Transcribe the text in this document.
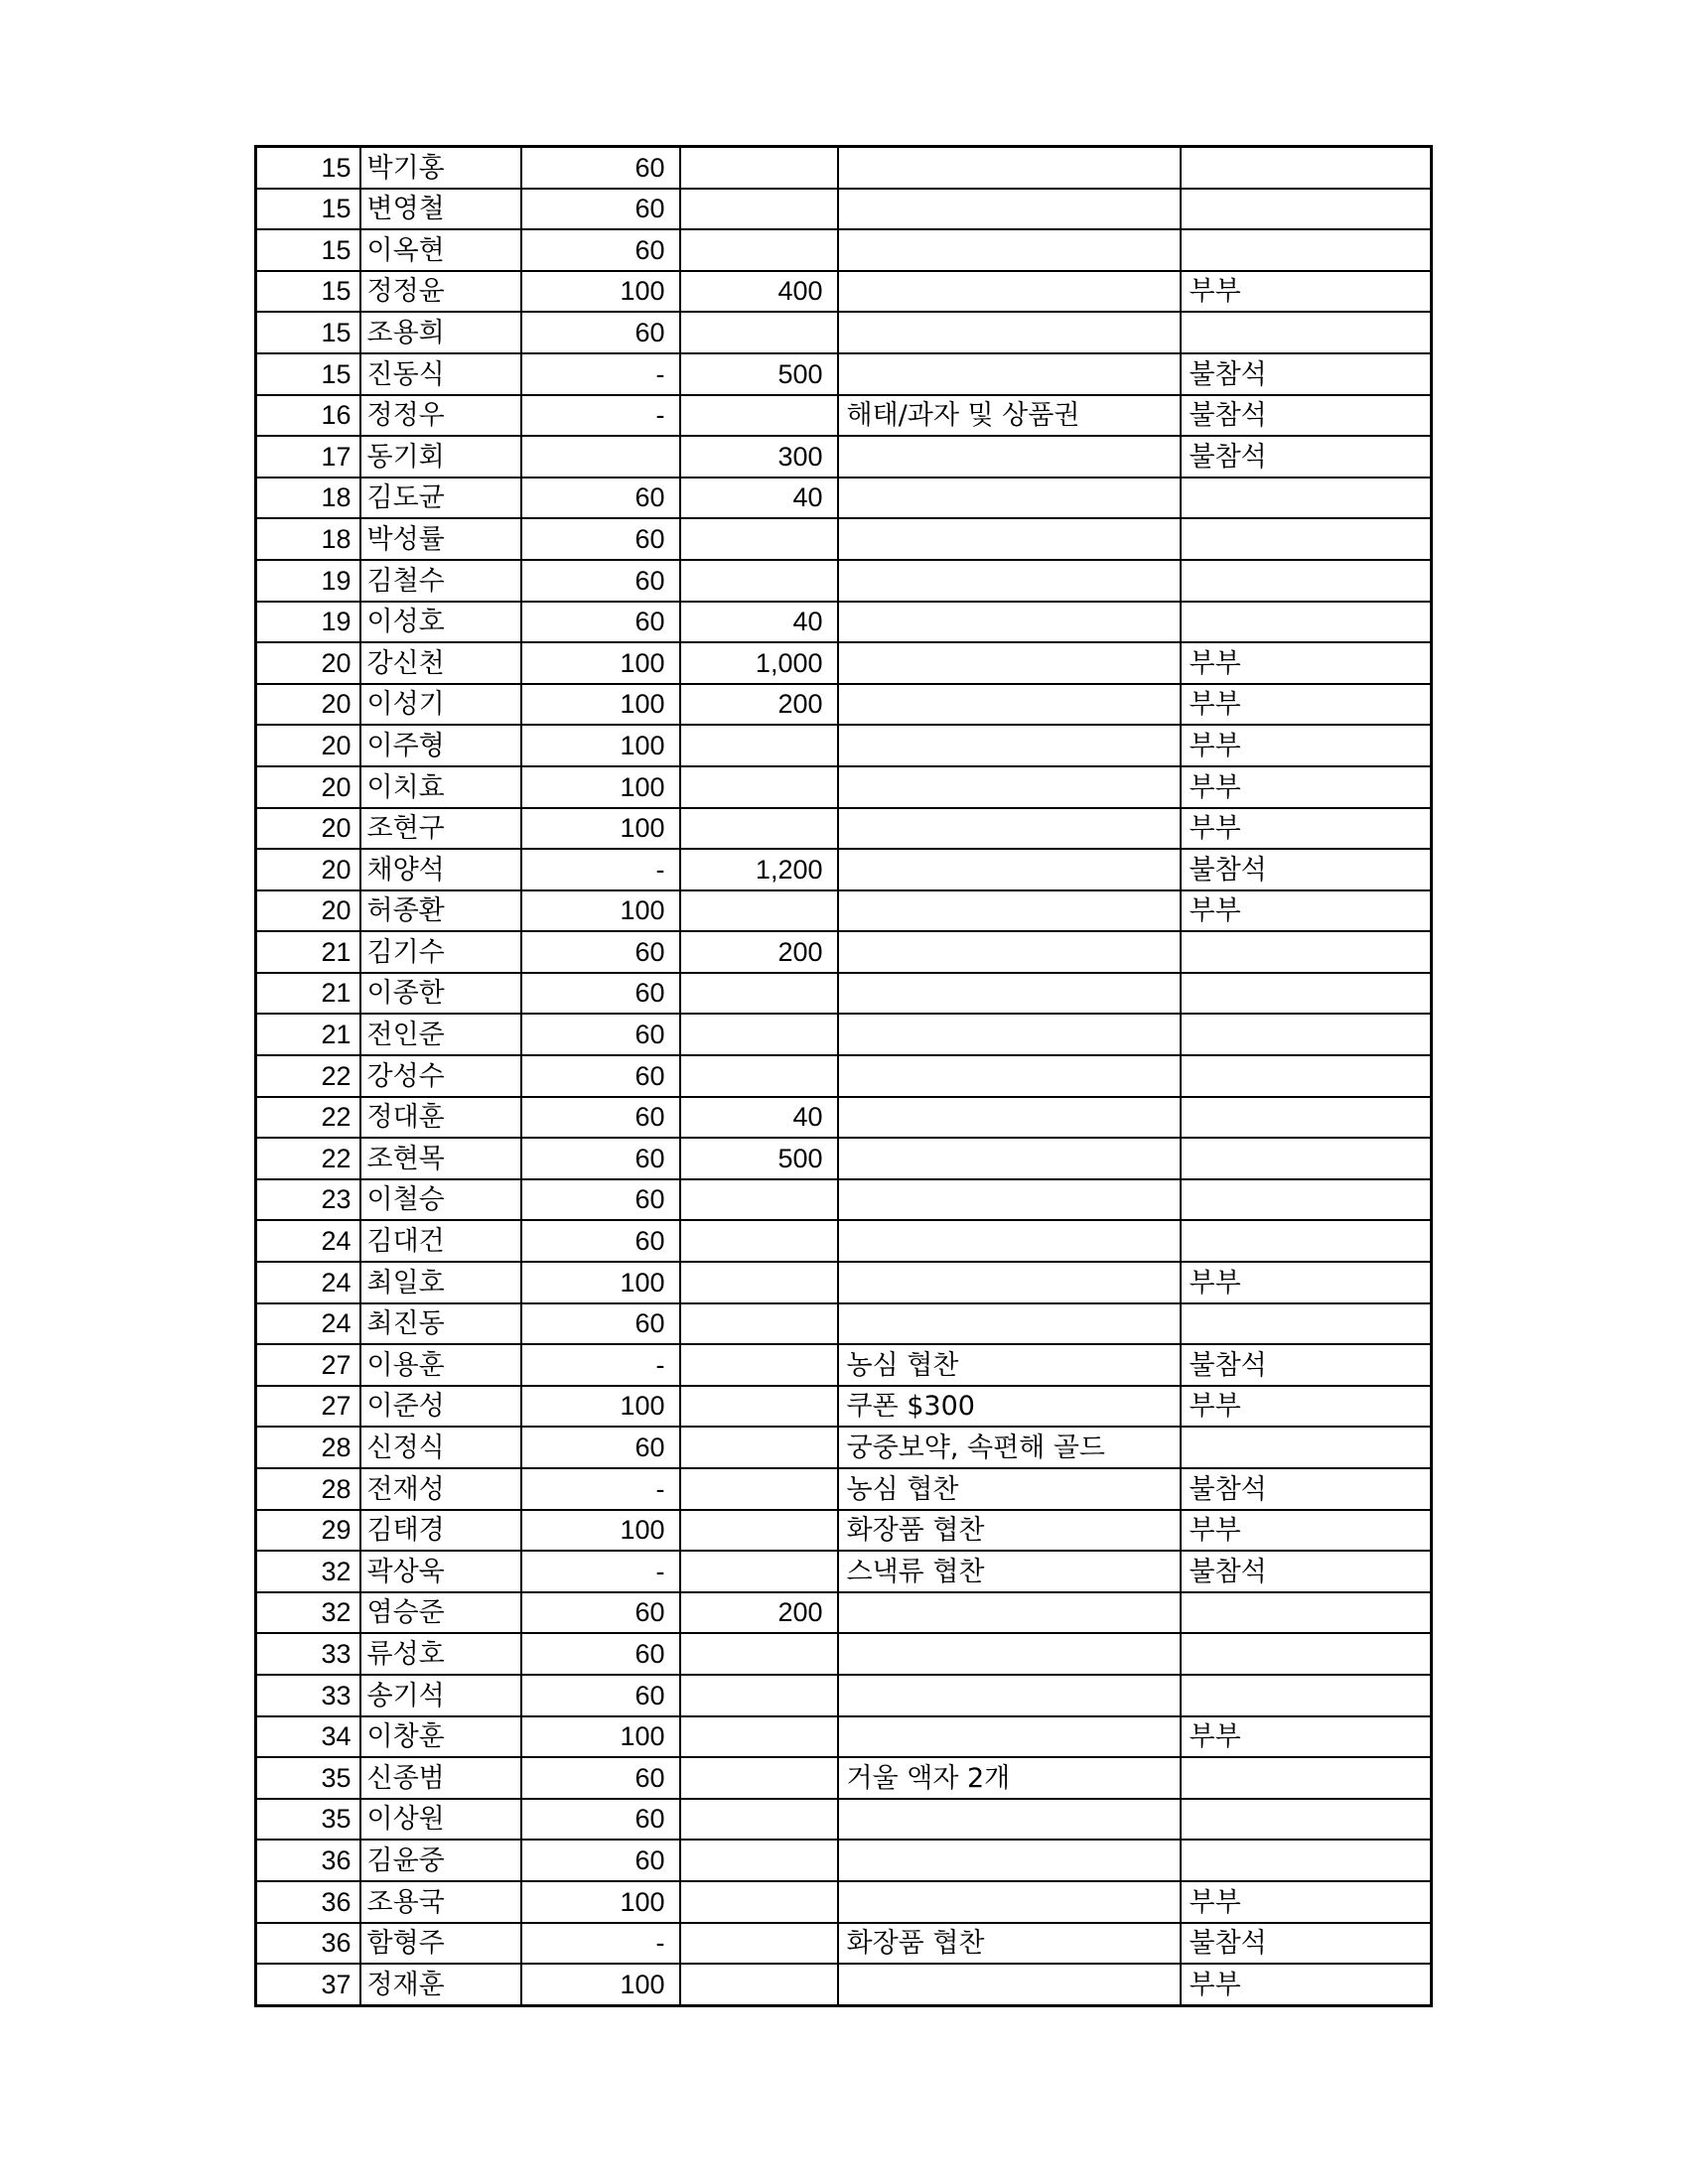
15	박기홍	60			
15	변영철	60			
15	이옥현	60			
15	정정윤	100	400		부부
15	조용희	60			
15	진동식	-	500		불참석
16	정정우	-		해태/과자 및 상품권	불참석
17	동기회		300		불참석
18	김도균	60	40		
18	박성률	60			
19	김철수	60			
19	이성호	60	40		
20	강신천	100	1,000		부부
20	이성기	100	200		부부
20	이주형	100			부부
20	이치효	100			부부
20	조현구	100			부부
20	채양석	-	1,200		불참석
20	허종환	100			부부
21	김기수	60	200		
21	이종한	60			
21	전인준	60			
22	강성수	60			
22	정대훈	60	40		
22	조현목	60	500		
23	이철승	60			
24	김대건	60			
24	최일호	100			부부
24	최진동	60			
27	이용훈	-		농심 협찬	불참석
27	이준성	100		쿠폰 $300	부부
28	신정식	60		궁중보약, 속편해 골드	
28	전재성	-		농심 협찬	불참석
29	김태경	100		화장품 협찬	부부
32	곽상욱	-		스낵류 협찬	불참석
32	염승준	60	200		
33	류성호	60			
33	송기석	60			
34	이창훈	100			부부
35	신종범	60		거울 액자 2개	
35	이상원	60			
36	김윤중	60			
36	조용국	100			부부
36	함형주	-		화장품 협찬	불참석
37	정재훈	100			부부
